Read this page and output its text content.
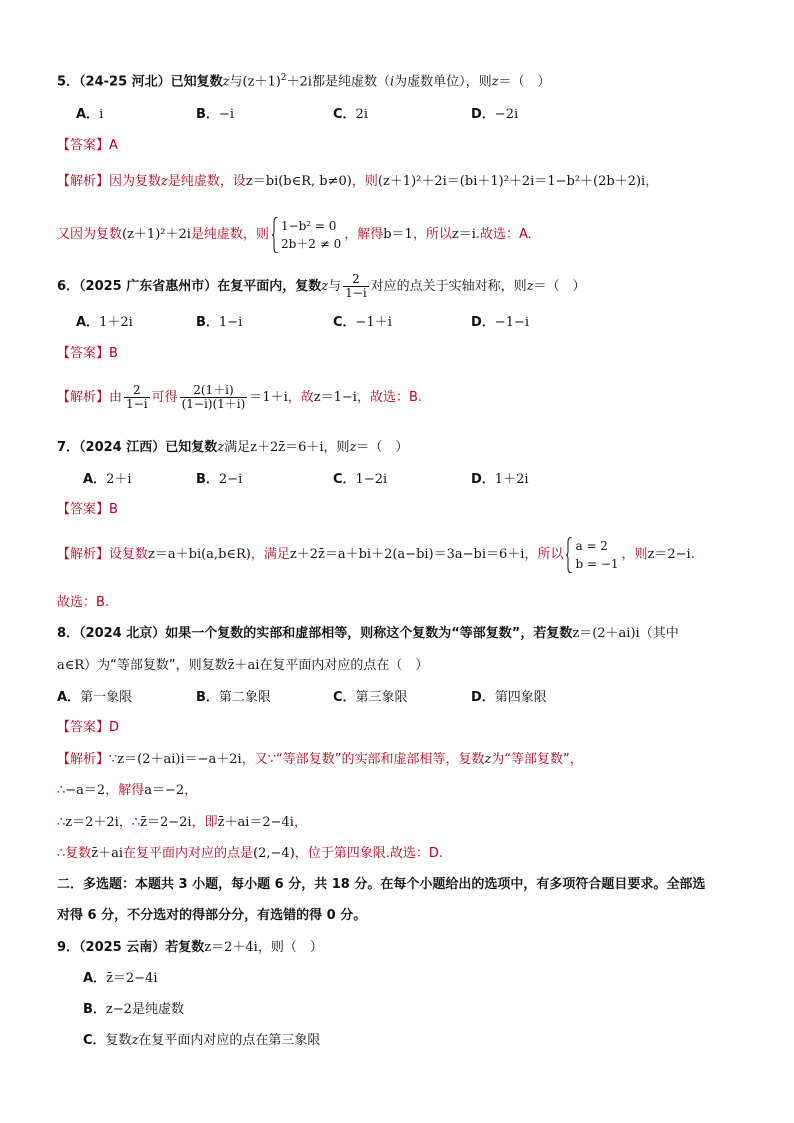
5．（24-25 河北）已知复数z与$(z+1)^2+2i$都是纯虚数（i为虚数单位），则z＝（　）
A．i	B．−i	C．2i	D．−2i
【答案】A
【解析】因为复数z是纯虚数，设z＝bi(b∈R, b≠0)，则(z＋1)²＋2i＝(bi＋1)²＋2i＝1−b²＋(2b＋2)i，
又因为复数(z＋1)²＋2i是纯虚数，则
1−b² = 0
2b＋2 ≠ 0
，解得b＝1，所以z＝i.故选：A.
6．（2025 广东省惠州市）在复平面内，复数z与 $\frac{2}{1-i}$ 对应的点关于实轴对称，则z＝（　）
A．1＋2i	B．1−i	C．−1＋i	D．−1−i
【答案】B
【解析】由 $\frac{2}{1-i}$ 可得 $\frac{2(1+i)}{(1-i)(1+i)} =1+i$，故z＝1−i，故选：B.
7．（2024 江西）已知复数z满足z＋2z̄＝6＋i，则z＝（　）
A．2＋i	B．2−i	C．1−2i	D．1＋2i
【答案】B
【解析】设复数z＝a＋bi(a,b∈R)，满足z＋2z̄＝a＋bi＋2(a−bi)＝3a−bi＝6＋i，所以
a = 2
b = −1
，则z＝2−i.
故选：B.
8．（2024 北京）如果一个复数的实部和虚部相等，则称这个复数为“等部复数”，若复数z＝(2＋ai)i（其中
a∈R）为“等部复数”，则复数z̄＋ai在复平面内对应的点在（　）
A．第一象限	B．第二象限	C．第三象限	D．第四象限
【答案】D
【解析】∵z＝(2＋ai)i＝−a＋2i，又∵“等部复数”的实部和虚部相等，复数z为“等部复数”，
∴−a＝2，解得a＝−2，
∴z＝2＋2i，∴z̄＝2−2i，即z̄＋ai＝2−4i，
∴复数z̄＋ai在复平面内对应的点是(2,−4)，位于第四象限.故选：D.
二．多选题：本题共 3 小题，每小题 6 分，共 18 分。在每个小题给出的选项中，有多项符合题目要求。全部选
对得 6 分，不分选对的得部分分，有选错的得 0 分。
9．（2025 云南）若复数z＝2＋4i，则（　）
A．z̄＝2−4i
B．z−2是纯虚数
C．复数z在复平面内对应的点在第三象限
